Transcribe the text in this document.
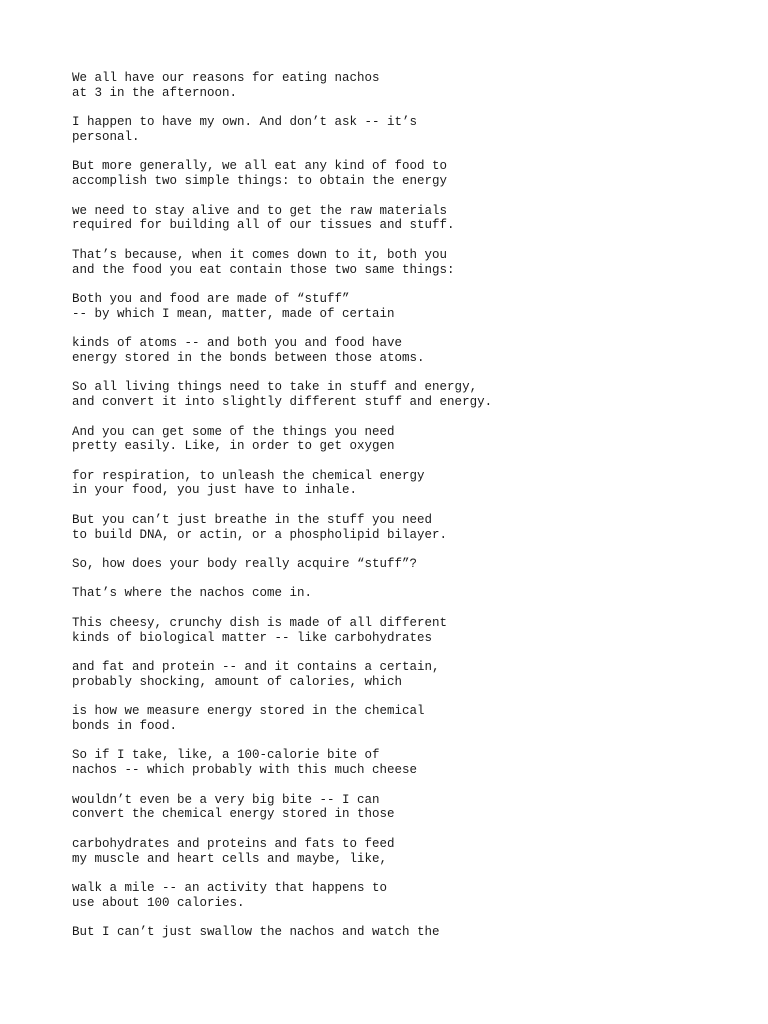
We all have our reasons for eating nachos
at 3 in the afternoon.

I happen to have my own. And don’t ask -- it’s
personal.

But more generally, we all eat any kind of food to
accomplish two simple things: to obtain the energy

we need to stay alive and to get the raw materials
required for building all of our tissues and stuff.

That’s because, when it comes down to it, both you
and the food you eat contain those two same things:

Both you and food are made of “stuff”
-- by which I mean, matter, made of certain

kinds of atoms -- and both you and food have
energy stored in the bonds between those atoms.

So all living things need to take in stuff and energy,
and convert it into slightly different stuff and energy.

And you can get some of the things you need
pretty easily. Like, in order to get oxygen

for respiration, to unleash the chemical energy
in your food, you just have to inhale.

But you can’t just breathe in the stuff you need
to build DNA, or actin, or a phospholipid bilayer.

So, how does your body really acquire “stuff”?

That’s where the nachos come in.

This cheesy, crunchy dish is made of all different
kinds of biological matter -- like carbohydrates

and fat and protein -- and it contains a certain,
probably shocking, amount of calories, which

is how we measure energy stored in the chemical
bonds in food.

So if I take, like, a 100-calorie bite of
nachos -- which probably with this much cheese

wouldn’t even be a very big bite -- I can
convert the chemical energy stored in those

carbohydrates and proteins and fats to feed
my muscle and heart cells and maybe, like,

walk a mile -- an activity that happens to
use about 100 calories.

But I can’t just swallow the nachos and watch the
